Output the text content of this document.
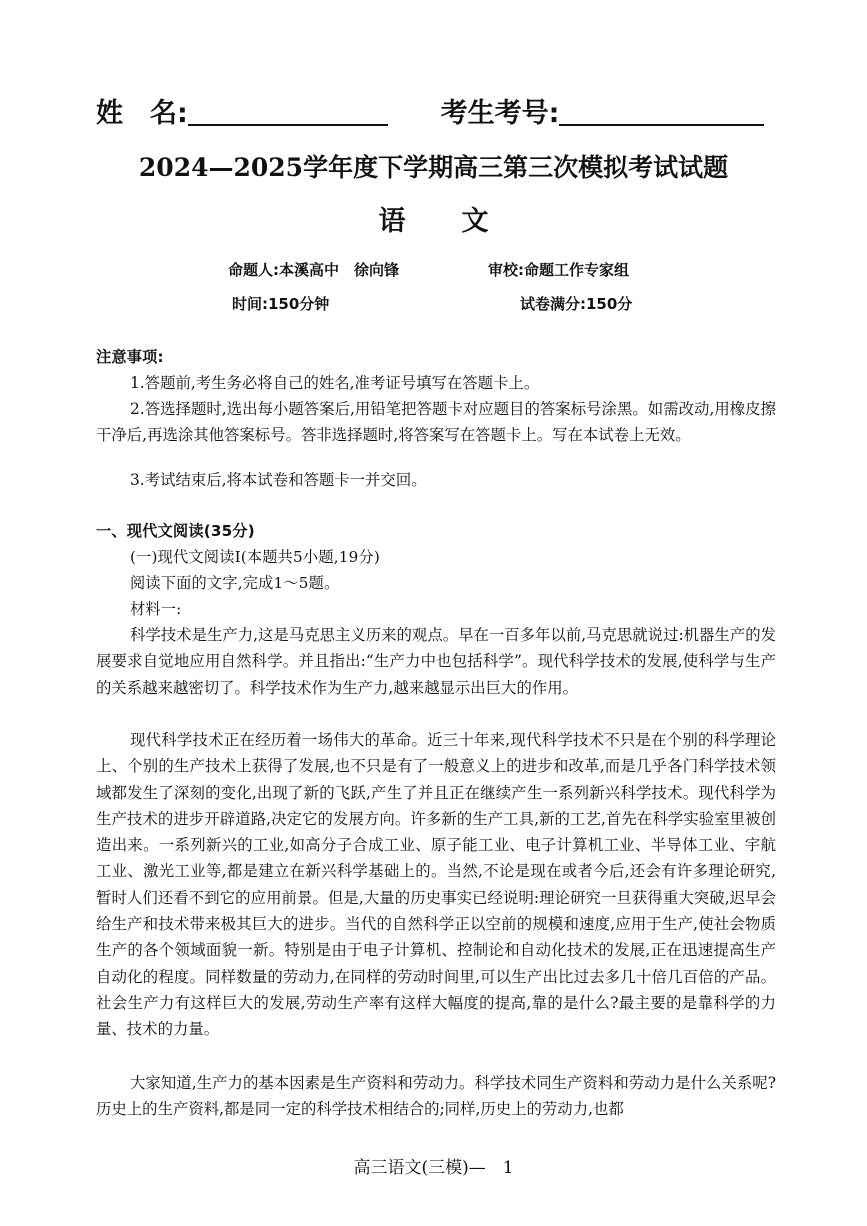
姓　名:	考生考号:
2024—2025学年度下学期高三第三次模拟考试试题
语文
命题人:本溪高中　徐向锋	审校:命题工作专家组
时间:150分钟	试卷满分:150分
注意事项:
1.答题前,考生务必将自己的姓名,准考证号填写在答题卡上。
2.答选择题时,选出每小题答案后,用铅笔把答题卡对应题目的答案标号涂黑。如需改动,用橡皮擦干净后,再选涂其他答案标号。答非选择题时,将答案写在答题卡上。写在本试卷上无效。
3.考试结束后,将本试卷和答题卡一并交回。
一、现代文阅读(35分)
(一)现代文阅读Ⅰ(本题共5小题,19分)
阅读下面的文字,完成1～5题。
材料一:
科学技术是生产力,这是马克思主义历来的观点。早在一百多年以前,马克思就说过:机器生产的发展要求自觉地应用自然科学。并且指出:“生产力中也包括科学”。现代科学技术的发展,使科学与生产的关系越来越密切了。科学技术作为生产力,越来越显示出巨大的作用。
现代科学技术正在经历着一场伟大的革命。近三十年来,现代科学技术不只是在个别的科学理论上、个别的生产技术上获得了发展,也不只是有了一般意义上的进步和改革,而是几乎各门科学技术领域都发生了深刻的变化,出现了新的飞跃,产生了并且正在继续产生一系列新兴科学技术。现代科学为生产技术的进步开辟道路,决定它的发展方向。许多新的生产工具,新的工艺,首先在科学实验室里被创造出来。一系列新兴的工业,如高分子合成工业、原子能工业、电子计算机工业、半导体工业、宇航工业、激光工业等,都是建立在新兴科学基础上的。当然,不论是现在或者今后,还会有许多理论研究,暂时人们还看不到它的应用前景。但是,大量的历史事实已经说明:理论研究一旦获得重大突破,迟早会给生产和技术带来极其巨大的进步。当代的自然科学正以空前的规模和速度,应用于生产,使社会物质生产的各个领域面貌一新。特别是由于电子计算机、控制论和自动化技术的发展,正在迅速提高生产自动化的程度。同样数量的劳动力,在同样的劳动时间里,可以生产出比过去多几十倍几百倍的产品。社会生产力有这样巨大的发展,劳动生产率有这样大幅度的提高,靠的是什么?最主要的是靠科学的力量、技术的力量。
大家知道,生产力的基本因素是生产资料和劳动力。科学技术同生产资料和劳动力是什么关系呢?历史上的生产资料,都是同一定的科学技术相结合的;同样,历史上的劳动力,也都
高三语文(三模)—　1
